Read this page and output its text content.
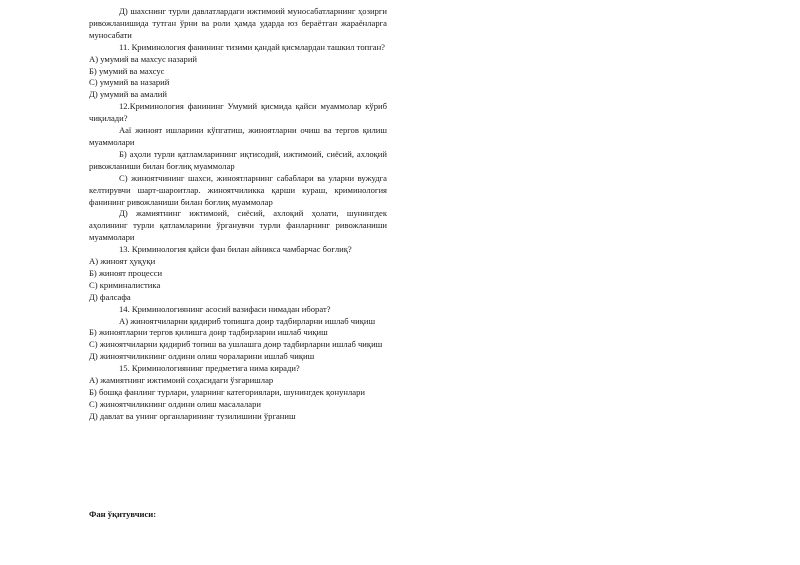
Д) шахснинг турли давлатлардаги ижтимоий муносабатларнинг ҳозирги ривожланишида тутган ўрни ва роли ҳамда ударда юз бераётган жараёнларга муносабати

11. Криминология фанининг тизими қандай қисмлардан ташкил топган?

А) умумий ва махсус назарий

Б) умумий ва махсус

С) умумий ва назарий

Д) умумий ва амалий

12.Криминология фанининг Умумий қисмида қайси муаммолар кўриб чиқилади?

Ааї жиноят ишларини кўпгатиш, жиноятларни очиш ва тергов қилиш муаммолари

Б) аҳоли турли қатламларининг иқтисодий, ижтимоий, сиёсий, ахлоқий ривожланиши билан боғлиқ муаммолар

С) жиноятчининг шахси, жиноятларнинг сабаблари ва уларни вужудга келтирувчи шарт-шароитлар. жиноятчиликка қарши кураш, криминология фанининг ривожланиши билан боғлиқ муаммолар

Д) жамиятнинг ижтимоий, сиёсий, ахлоқий ҳолати, шунингдек аҳолининг турли қатламларини ўрганувчи турли фанларнинг ривожланиши муаммолари

13. Криминология қайси фан билан айникса чамбарчас боғлиқ?

А) жиноят ҳуқуқи

Б) жиноят процесси

С) криминалистика

Д) фалсафа

14. Криминологиянинг асосий вазифаси нимадан иборат?

А) жиноятчиларни қидириб топишга доир тадбирларни ишлаб чиқиш

Б) жиноятларни тергов қилишга доир тадбирларни ишлаб чиқиш

С) жиноятчиларни қидириб топиш ва ушлашга доир тадбирларни ишлаб чиқиш

Д) жиноятчиликнинг олдини олиш чораларини ишлаб чиқиш

15. Криминологиянинг предметига нима киради?

А) жамиятнинг ижтимоий соҳасидаги ўзгаришлар

Б) бошқа фанлинг турлари, уларнинг категориялари, шунингдек қонунлари

С) жиноятчиликнинг олдини олиш масалалари

Д) давлат ва унинг органларининг тузилишини ўрганиш

Фан ўқитувчиси:
